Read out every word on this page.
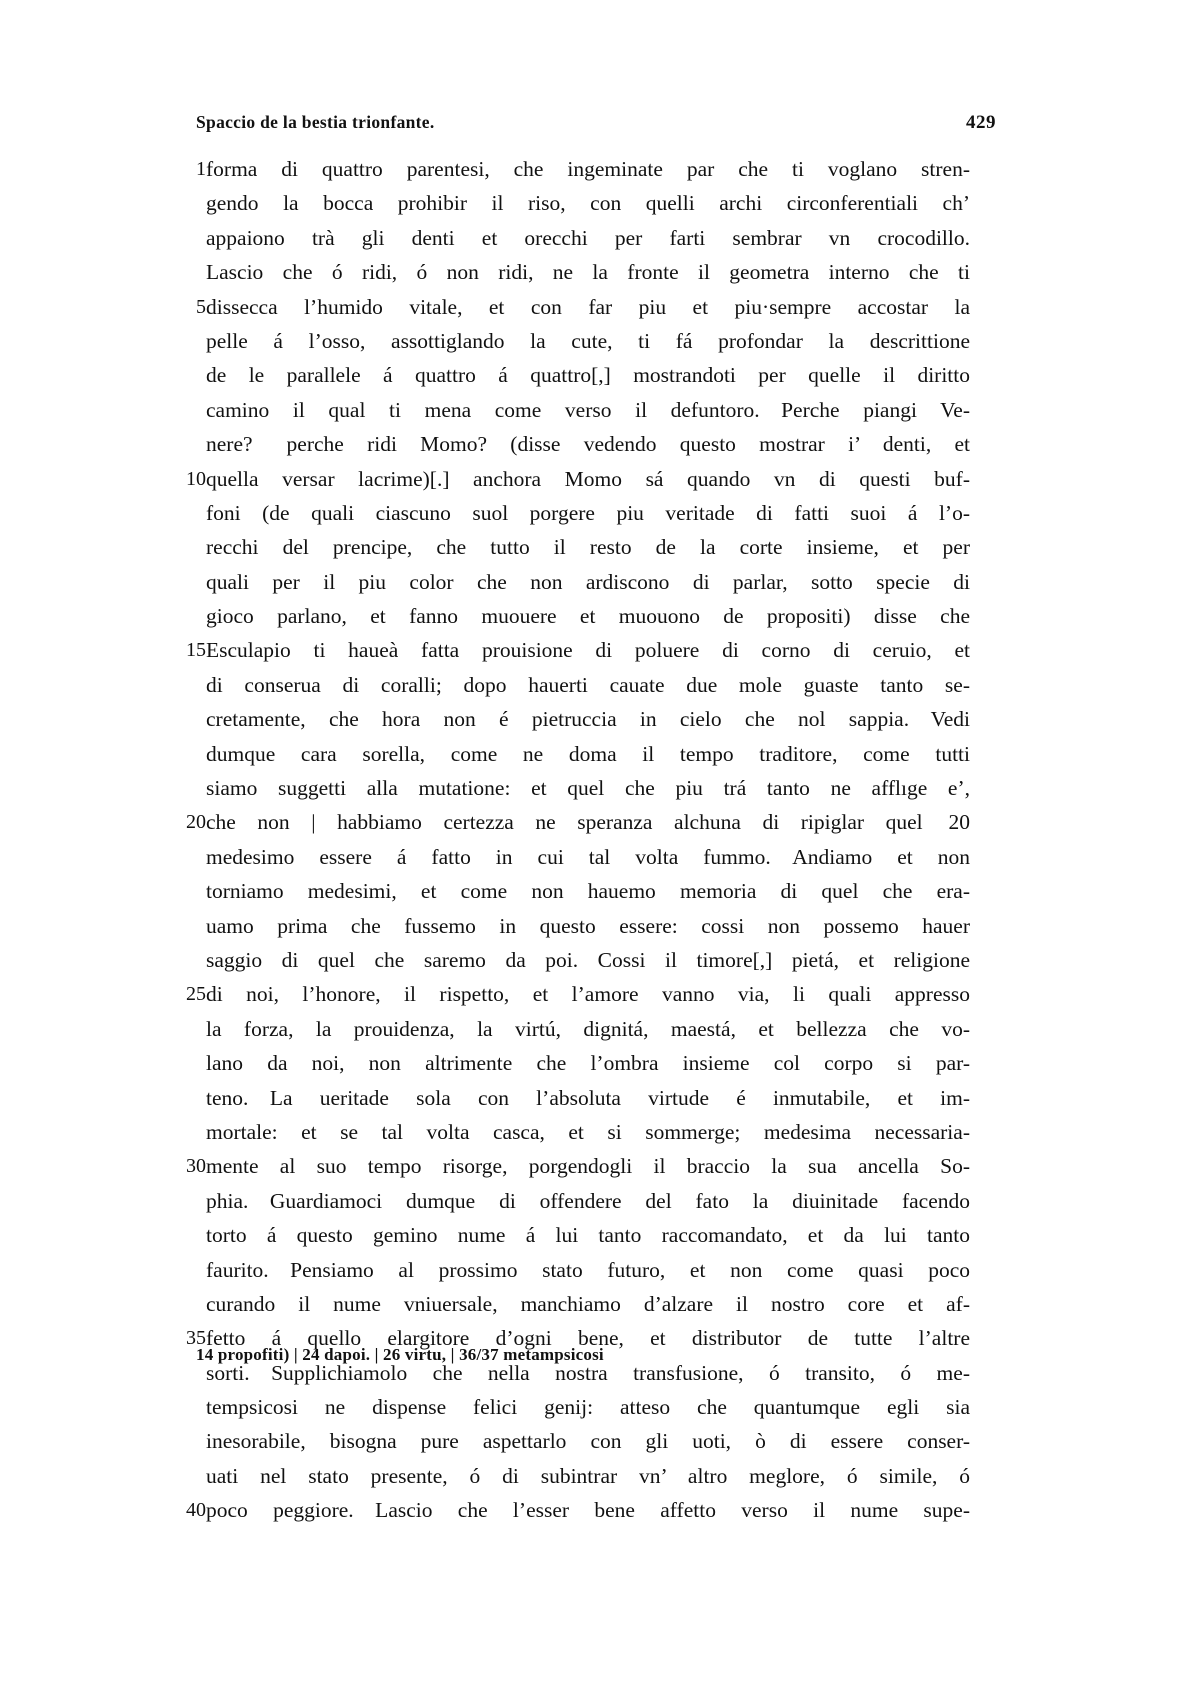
Spaccio de la bestia trionfante.	429
1 forma di quattro parentesi, che ingeminate par che ti voglano stren-
gendo la bocca prohibir il riso, con quelli archi circonferentiali ch’
appaiono trà gli denti et orecchi per farti sembrar vn crocodillo.
Lascio che ó ridi, ó non ridi, ne la fronte il geometra interno che ti
5 dissecca l’humido vitale, et con far piu et piu·sempre accostar la
pelle á l’osso, assottiglando la cute, ti fá profondar la descrittione
de le parallele á quattro á quattro[,] mostrandoti per quelle il diritto
camino il qual ti mena come verso il defuntoro.  Perche piangi Ve-
nere?  perche ridi Momo? (disse vedendo questo mostrar i’ denti, et
10 quella versar lacrime)[.] anchora Momo sá quando vn di questi buf-
foni (de quali ciascuno suol porgere piu veritade di fatti suoi á l’o-
recchi del prencipe, che tutto il resto de la corte insieme, et per
quali per il piu color che non ardiscono di parlar, sotto specie di
gioco parlano, et fanno muouere et muouono de propositi) disse che
15 Esculapio ti haueà fatta prouisione di poluere di corno di ceruio, et
di conserua di coralli; dopo hauerti cauate due mole guaste tanto se-
cretamente, che hora non é pietruccia in cielo che nol sappia.  Vedi
dumque cara sorella, come ne doma il tempo traditore, come tutti
siamo suggetti alla mutatione: et quel che piu trá tanto ne afflıge e’,
20 che non | habbiamo certezza ne speranza alchuna di ripiglar quel  20
medesimo essere á fatto in cui tal volta fummo.  Andiamo et non
torniamo medesimi, et come non hauemo memoria di quel che era-
uamo prima che fussemo in questo essere: cossi non possemo hauer
saggio di quel che saremo da poi. Cossi il timore[,] pietá, et religione
25 di noi, l’honore, il rispetto, et l’amore vanno via, li quali appresso
la forza, la prouidenza, la virtú, dignitá, maestá, et bellezza che vo-
lano da noi, non altrimente che l’ombra insieme col corpo si par-
teno.  La ueritade sola con l’absoluta virtude é inmutabile, et im-
mortale: et se tal volta casca, et si sommerge; medesima necessaria-
30 mente al suo tempo risorge, porgendogli il braccio la sua ancella So-
phia.  Guardiamoci dumque di offendere del fato la diuinitade facendo
torto á questo gemino nume á lui tanto raccomandato, et da lui tanto
faurito.  Pensiamo al prossimo stato futuro, et non come quasi poco
curando il nume vniuersale, manchiamo d’alzare il nostro core et af-
35 fetto á quello elargitore d’ogni bene, et distributor de tutte l’altre
sorti.  Supplichiamolo che nella nostra transfusione, ó transito, ó me-
tempsicosi ne dispense felici genij: atteso che quantumque egli sia
inesorabile, bisogna pure aspettarlo con gli uoti, ò di essere conser-
uati nel stato presente, ó di subintrar vn’ altro meglore, ó simile, ó
40 poco peggiore.  Lascio che l’esser bene affetto verso il nume supe-
14 propofiti) | 24 dapoi. | 26 virtu, | 36/37 metampsicosi
